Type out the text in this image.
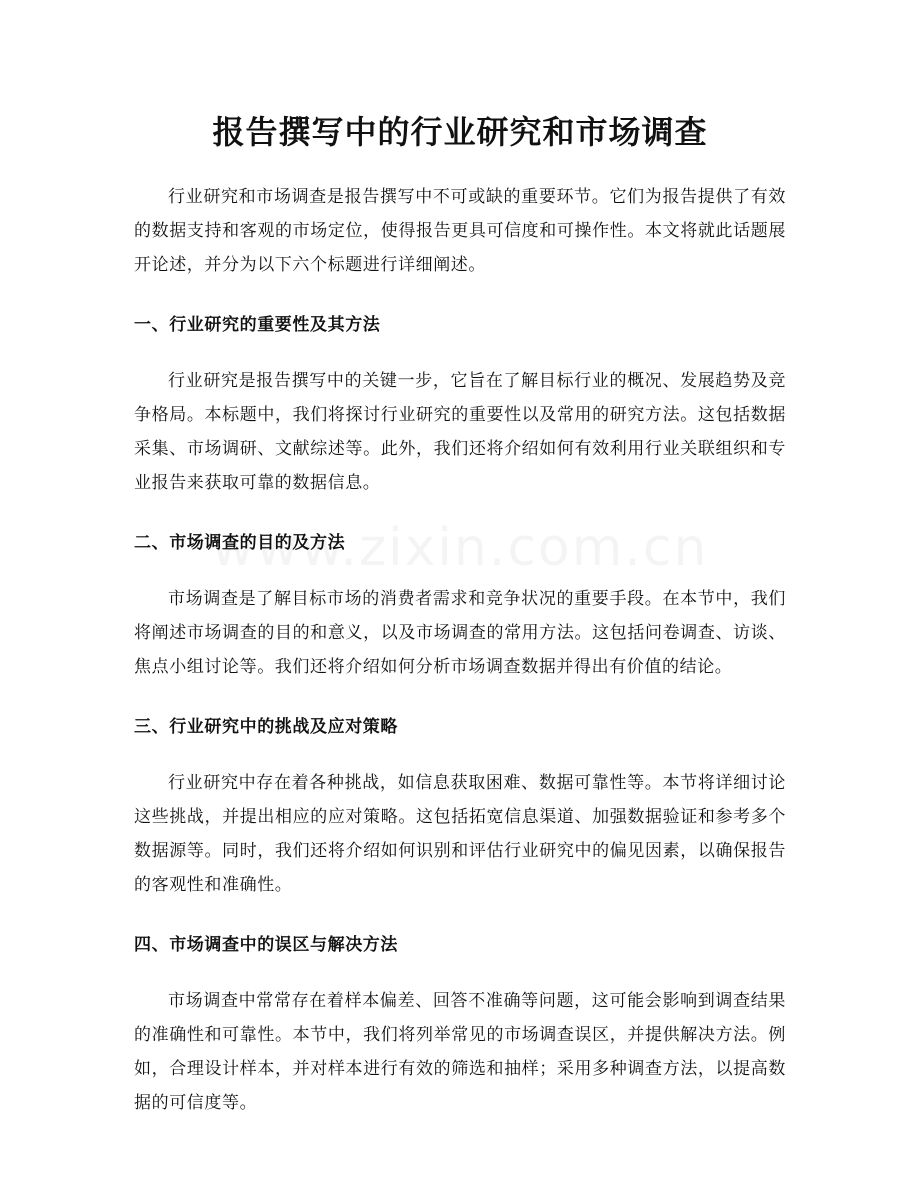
报告撰写中的行业研究和市场调查

行业研究和市场调查是报告撰写中不可或缺的重要环节。它们为报告提供了有效的数据支持和客观的市场定位，使得报告更具可信度和可操作性。本文将就此话题展开论述，并分为以下六个标题进行详细阐述。

一、行业研究的重要性及其方法

行业研究是报告撰写中的关键一步，它旨在了解目标行业的概况、发展趋势及竞争格局。本标题中，我们将探讨行业研究的重要性以及常用的研究方法。这包括数据采集、市场调研、文献综述等。此外，我们还将介绍如何有效利用行业关联组织和专业报告来获取可靠的数据信息。

二、市场调查的目的及方法

市场调查是了解目标市场的消费者需求和竞争状况的重要手段。在本节中，我们将阐述市场调查的目的和意义，以及市场调查的常用方法。这包括问卷调查、访谈、焦点小组讨论等。我们还将介绍如何分析市场调查数据并得出有价值的结论。

三、行业研究中的挑战及应对策略

行业研究中存在着各种挑战，如信息获取困难、数据可靠性等。本节将详细讨论这些挑战，并提出相应的应对策略。这包括拓宽信息渠道、加强数据验证和参考多个数据源等。同时，我们还将介绍如何识别和评估行业研究中的偏见因素，以确保报告的客观性和准确性。

四、市场调查中的误区与解决方法

市场调查中常常存在着样本偏差、回答不准确等问题，这可能会影响到调查结果的准确性和可靠性。本节中，我们将列举常见的市场调查误区，并提供解决方法。例如，合理设计样本，并对样本进行有效的筛选和抽样；采用多种调查方法，以提高数据的可信度等。
